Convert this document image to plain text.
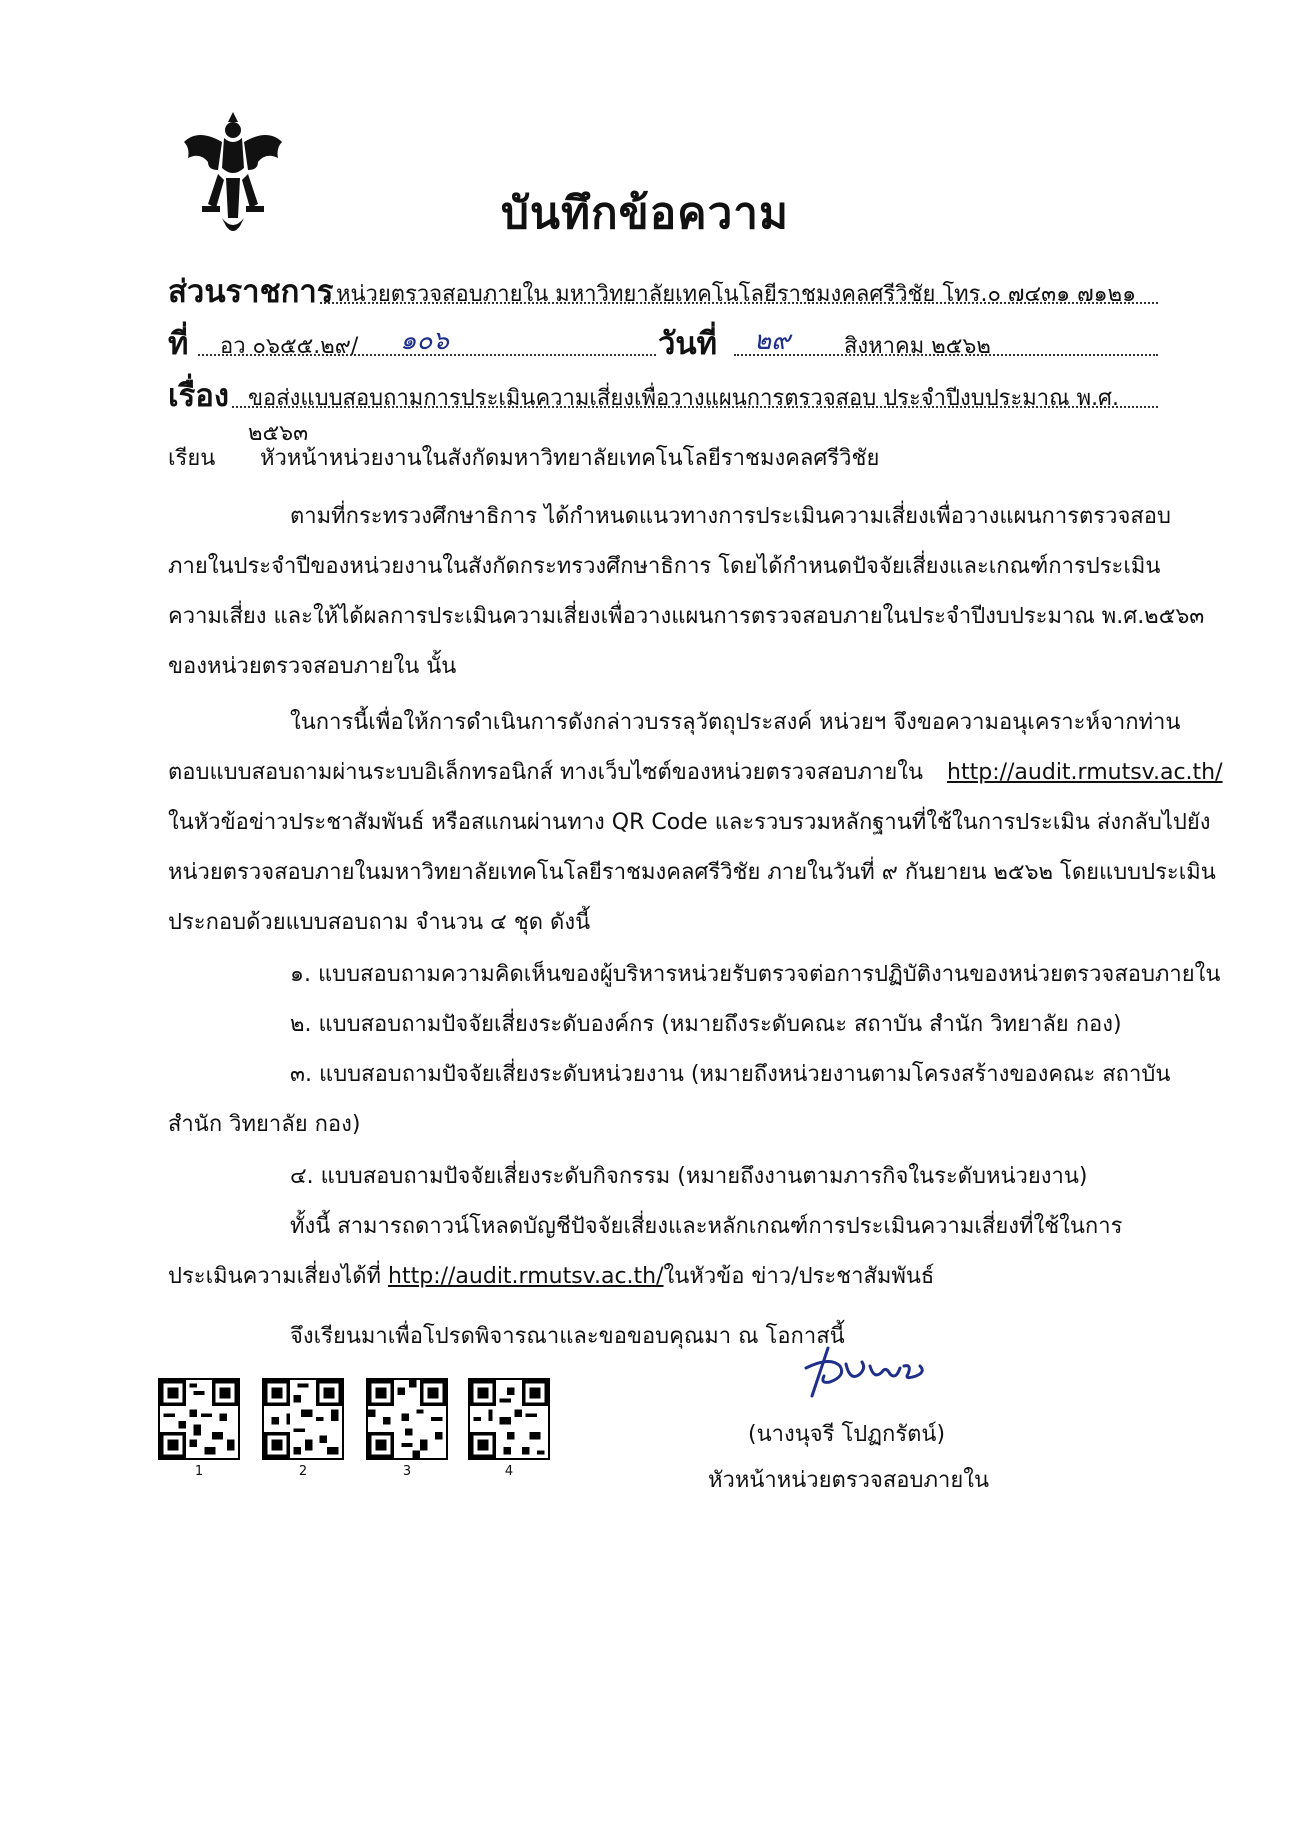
บันทึกข้อความ
ส่วนราชการ หน่วยตรวจสอบภายใน มหาวิทยาลัยเทคโนโลยีราชมงคลศรีวิชัย โทร.๐ ๗๔๓๑ ๗๑๒๑
ที่ อว ๐๖๕๕.๒๙/ ๑๐๖	วันที่ ๒๙ สิงหาคม ๒๕๖๒
เรื่อง ขอส่งแบบสอบถามการประเมินความเสี่ยงเพื่อวางแผนการตรวจสอบ ประจำปีงบประมาณ พ.ศ. ๒๕๖๓
เรียน หัวหน้าหน่วยงานในสังกัดมหาวิทยาลัยเทคโนโลยีราชมงคลศรีวิชัย
ตามที่กระทรวงศึกษาธิการ ได้กำหนดแนวทางการประเมินความเสี่ยงเพื่อวางแผนการตรวจสอบ
ภายในประจำปีของหน่วยงานในสังกัดกระทรวงศึกษาธิการ โดยได้กำหนดปัจจัยเสี่ยงและเกณฑ์การประเมิน
ความเสี่ยง และให้ได้ผลการประเมินความเสี่ยงเพื่อวางแผนการตรวจสอบภายในประจำปีงบประมาณ พ.ศ.๒๕๖๓
ของหน่วยตรวจสอบภายใน นั้น
ในการนี้เพื่อให้การดำเนินการดังกล่าวบรรลุวัตถุประสงค์ หน่วยฯ จึงขอความอนุเคราะห์จากท่าน
ตอบแบบสอบถามผ่านระบบอิเล็กทรอนิกส์ ทางเว็บไซต์ของหน่วยตรวจสอบภายใน http://audit.rmutsv.ac.th/
ในหัวข้อข่าวประชาสัมพันธ์ หรือสแกนผ่านทาง QR Code และรวบรวมหลักฐานที่ใช้ในการประเมิน ส่งกลับไปยัง
หน่วยตรวจสอบภายในมหาวิทยาลัยเทคโนโลยีราชมงคลศรีวิชัย ภายในวันที่ ๙ กันยายน ๒๕๖๒ โดยแบบประเมิน
ประกอบด้วยแบบสอบถาม จำนวน ๔ ชุด ดังนี้
๑. แบบสอบถามความคิดเห็นของผู้บริหารหน่วยรับตรวจต่อการปฏิบัติงานของหน่วยตรวจสอบภายใน
๒. แบบสอบถามปัจจัยเสี่ยงระดับองค์กร (หมายถึงระดับคณะ สถาบัน สำนัก วิทยาลัย กอง)
๓. แบบสอบถามปัจจัยเสี่ยงระดับหน่วยงาน (หมายถึงหน่วยงานตามโครงสร้างของคณะ สถาบัน
สำนัก วิทยาลัย กอง)
๔. แบบสอบถามปัจจัยเสี่ยงระดับกิจกรรม (หมายถึงงานตามภารกิจในระดับหน่วยงาน)
ทั้งนี้ สามารถดาวน์โหลดบัญชีปัจจัยเสี่ยงและหลักเกณฑ์การประเมินความเสี่ยงที่ใช้ในการ
ประเมินความเสี่ยงได้ที่ http://audit.rmutsv.ac.th/ในหัวข้อ ข่าว/ประชาสัมพันธ์
จึงเรียนมาเพื่อโปรดพิจารณาและขอขอบคุณมา ณ โอกาสนี้
1	2	3	4
(นางนุจรี โปฏกรัตน์)
หัวหน้าหน่วยตรวจสอบภายใน
